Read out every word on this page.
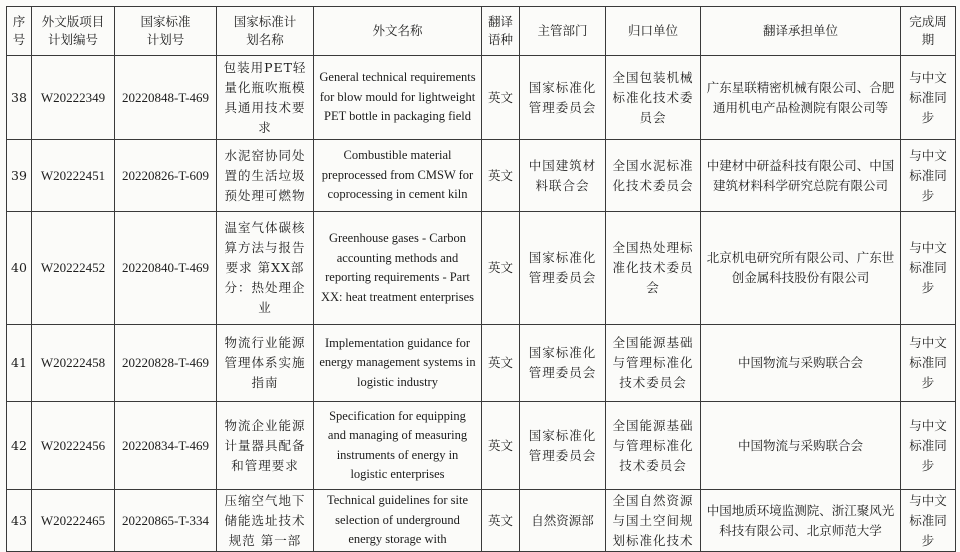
序号	外文版项目计划编号	国家标准计划号	国家标准计划名称	外文名称	翻译语种	主管部门	归口单位	翻译承担单位	完成周期
38	W20222349	20220848-T-469	包装用PET轻量化瓶吹瓶模具通用技术要求	General technical requirements for blow mould for lightweight PET bottle in packaging field	英文	国家标准化管理委员会	全国包装机械标准化技术委员会	广东星联精密机械有限公司、合肥通用机电产品检测院有限公司等	与中文标准同步
39	W20222451	20220826-T-609	水泥窑协同处置的生活垃圾预处理可燃物	Combustible material preprocessed from CMSW for coprocessing in cement kiln	英文	中国建筑材料联合会	全国水泥标准化技术委员会	中建材中研益科技有限公司、中国建筑材料科学研究总院有限公司	与中文标准同步
40	W20222452	20220840-T-469	温室气体碳核算方法与报告要求 第XX部分：热处理企业	Greenhouse gases - Carbon accounting methods and reporting requirements - Part XX: heat treatment enterprises	英文	国家标准化管理委员会	全国热处理标准化技术委员会	北京机电研究所有限公司、广东世创金属科技股份有限公司	与中文标准同步
41	W20222458	20220828-T-469	物流行业能源管理体系实施指南	Implementation guidance for energy management systems in logistic industry	英文	国家标准化管理委员会	全国能源基础与管理标准化技术委员会	中国物流与采购联合会	与中文标准同步
42	W20222456	20220834-T-469	物流企业能源计量器具配备和管理要求	Specification for equipping and managing of measuring instruments of energy in logistic enterprises	英文	国家标准化管理委员会	全国能源基础与管理标准化技术委员会	中国物流与采购联合会	与中文标准同步
43	W20222465	20220865-T-334	压缩空气地下储能选址技术规范 第一部	Technical guidelines for site selection of underground energy storage with	英文	自然资源部	全国自然资源与国土空间规划标准化技术	中国地质环境监测院、浙江聚风光科技有限公司、北京师范大学	与中文标准同步
